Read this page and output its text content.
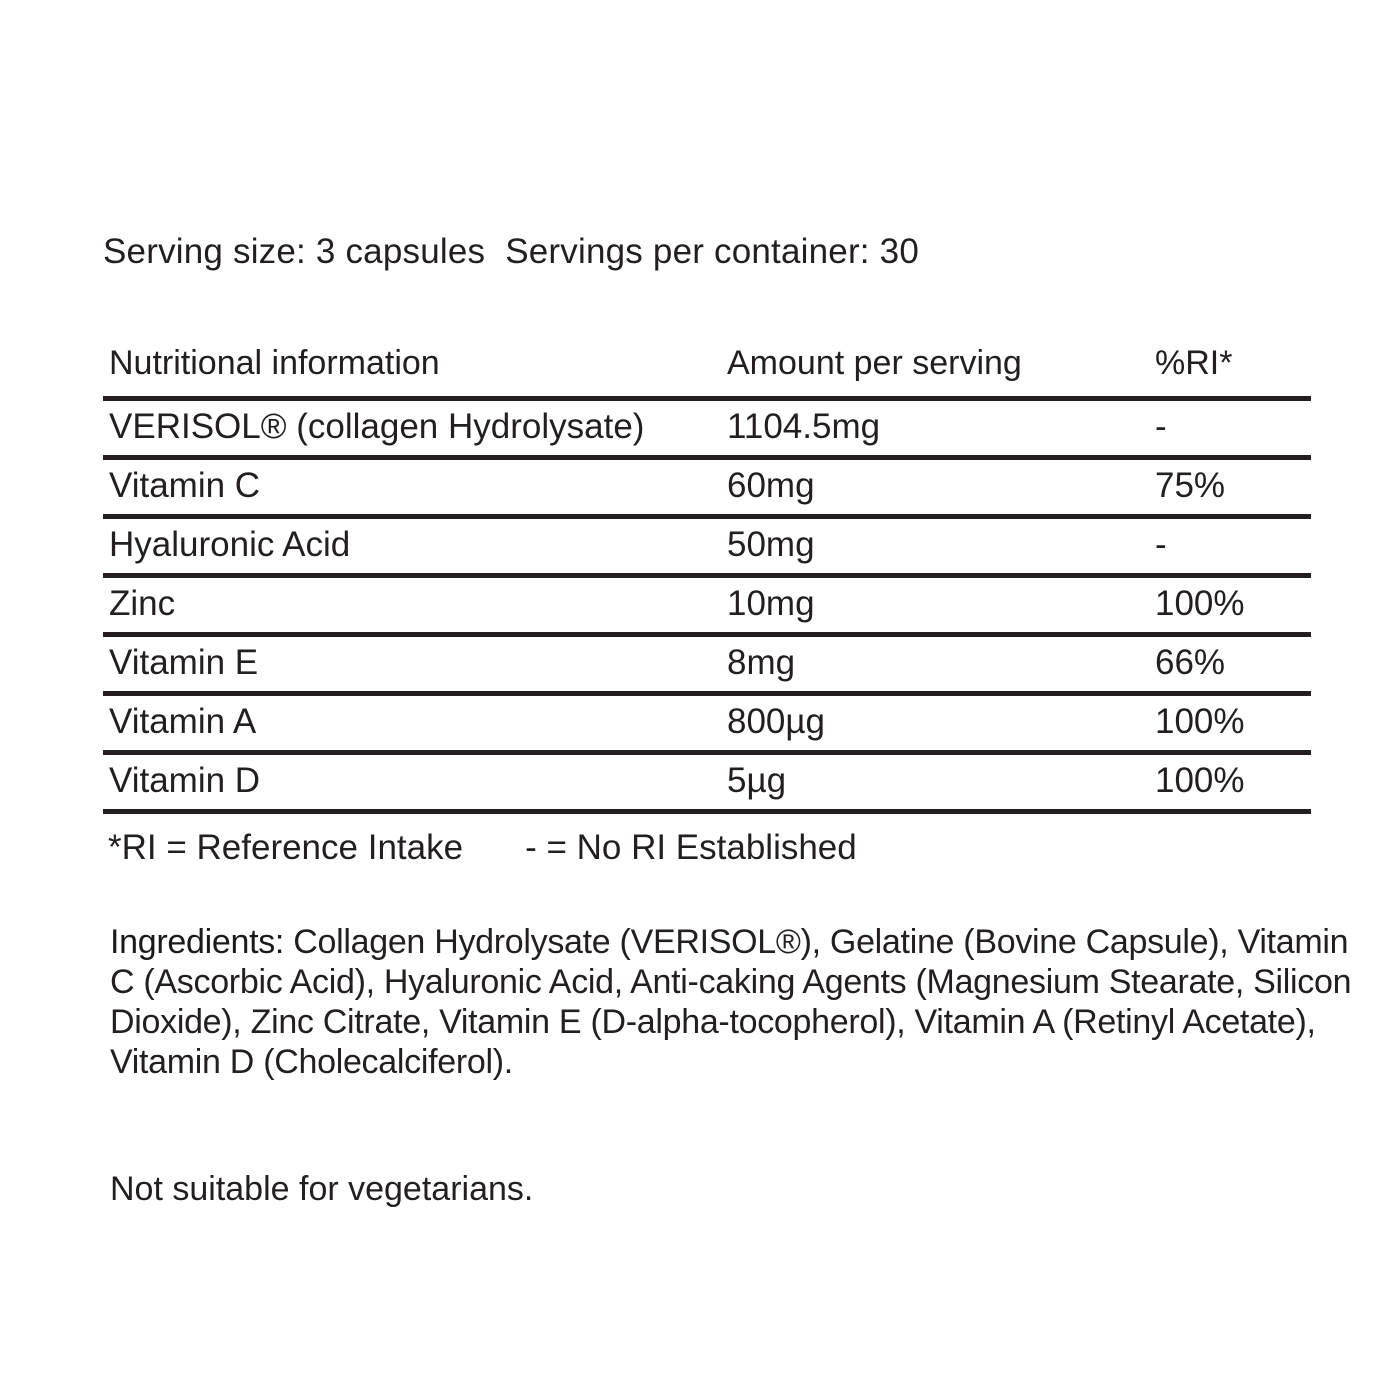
Serving size: 3 capsules Servings per container: 30
Nutritional information	Amount per serving	%RI*
VERISOL® (collagen Hydrolysate) 1104.5mg	-
Vitamin C	60mg	75%
Hyaluronic Acid	50mg	-
Zinc	10mg	100%
Vitamin E	8mg	66%
Vitamin A	800µg	100%
Vitamin D	5µg	100%
*RI = Reference Intake - = No RI Established
Ingredients: Collagen Hydrolysate (VERISOL®), Gelatine (Bovine Capsule), Vitamin C (Ascorbic Acid), Hyaluronic Acid, Anti-caking Agents (Magnesium Stearate, Silicon Dioxide), Zinc Citrate, Vitamin E (D-alpha-tocopherol), Vitamin A (Retinyl Acetate), Vitamin D (Cholecalciferol).
Not suitable for vegetarians.
